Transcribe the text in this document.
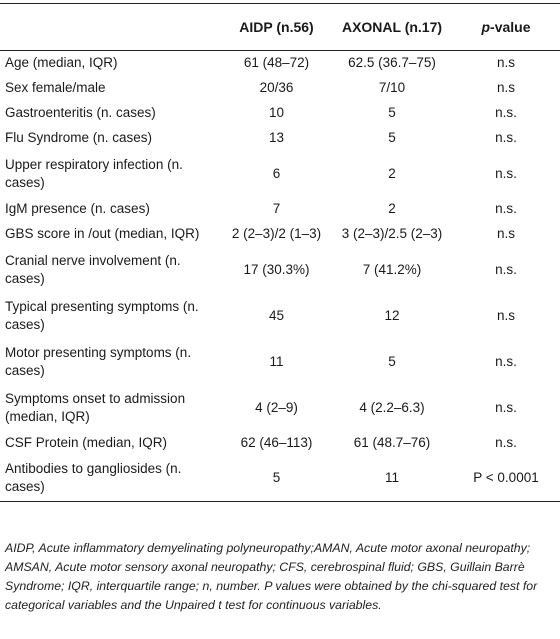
	AIDP (n.56)	AXONAL (n.17)	p-value
Age (median, IQR)	61 (48–72)	62.5 (36.7–75)	n.s
Sex female/male	20/36	7/10	n.s
Gastroenteritis (n. cases)	10	5	n.s.
Flu Syndrome (n. cases)	13	5	n.s.
Upper respiratory infection (n. cases)	6	2	n.s.
IgM presence (n. cases)	7	2	n.s.
GBS score in /out (median, IQR)	2 (2–3)/2 (1–3)	3 (2–3)/2.5 (2–3)	n.s
Cranial nerve involvement (n. cases)	17 (30.3%)	7 (41.2%)	n.s.
Typical presenting symptoms (n. cases)	45	12	n.s
Motor presenting symptoms (n. cases)	11	5	n.s.
Symptoms onset to admission (median, IQR)	4 (2–9)	4 (2.2–6.3)	n.s.
CSF Protein (median, IQR)	62 (46–113)	61 (48.7–76)	n.s.
Antibodies to gangliosides (n. cases)	5	11	P < 0.0001

AIDP, Acute inflammatory demyelinating polyneuropathy;AMAN, Acute motor axonal neuropathy; AMSAN, Acute motor sensory axonal neuropathy; CFS, cerebrospinal fluid; GBS, Guillain Barrè Syndrome; IQR, interquartile range; n, number. P values were obtained by the chi-squared test for categorical variables and the Unpaired t test for continuous variables.
